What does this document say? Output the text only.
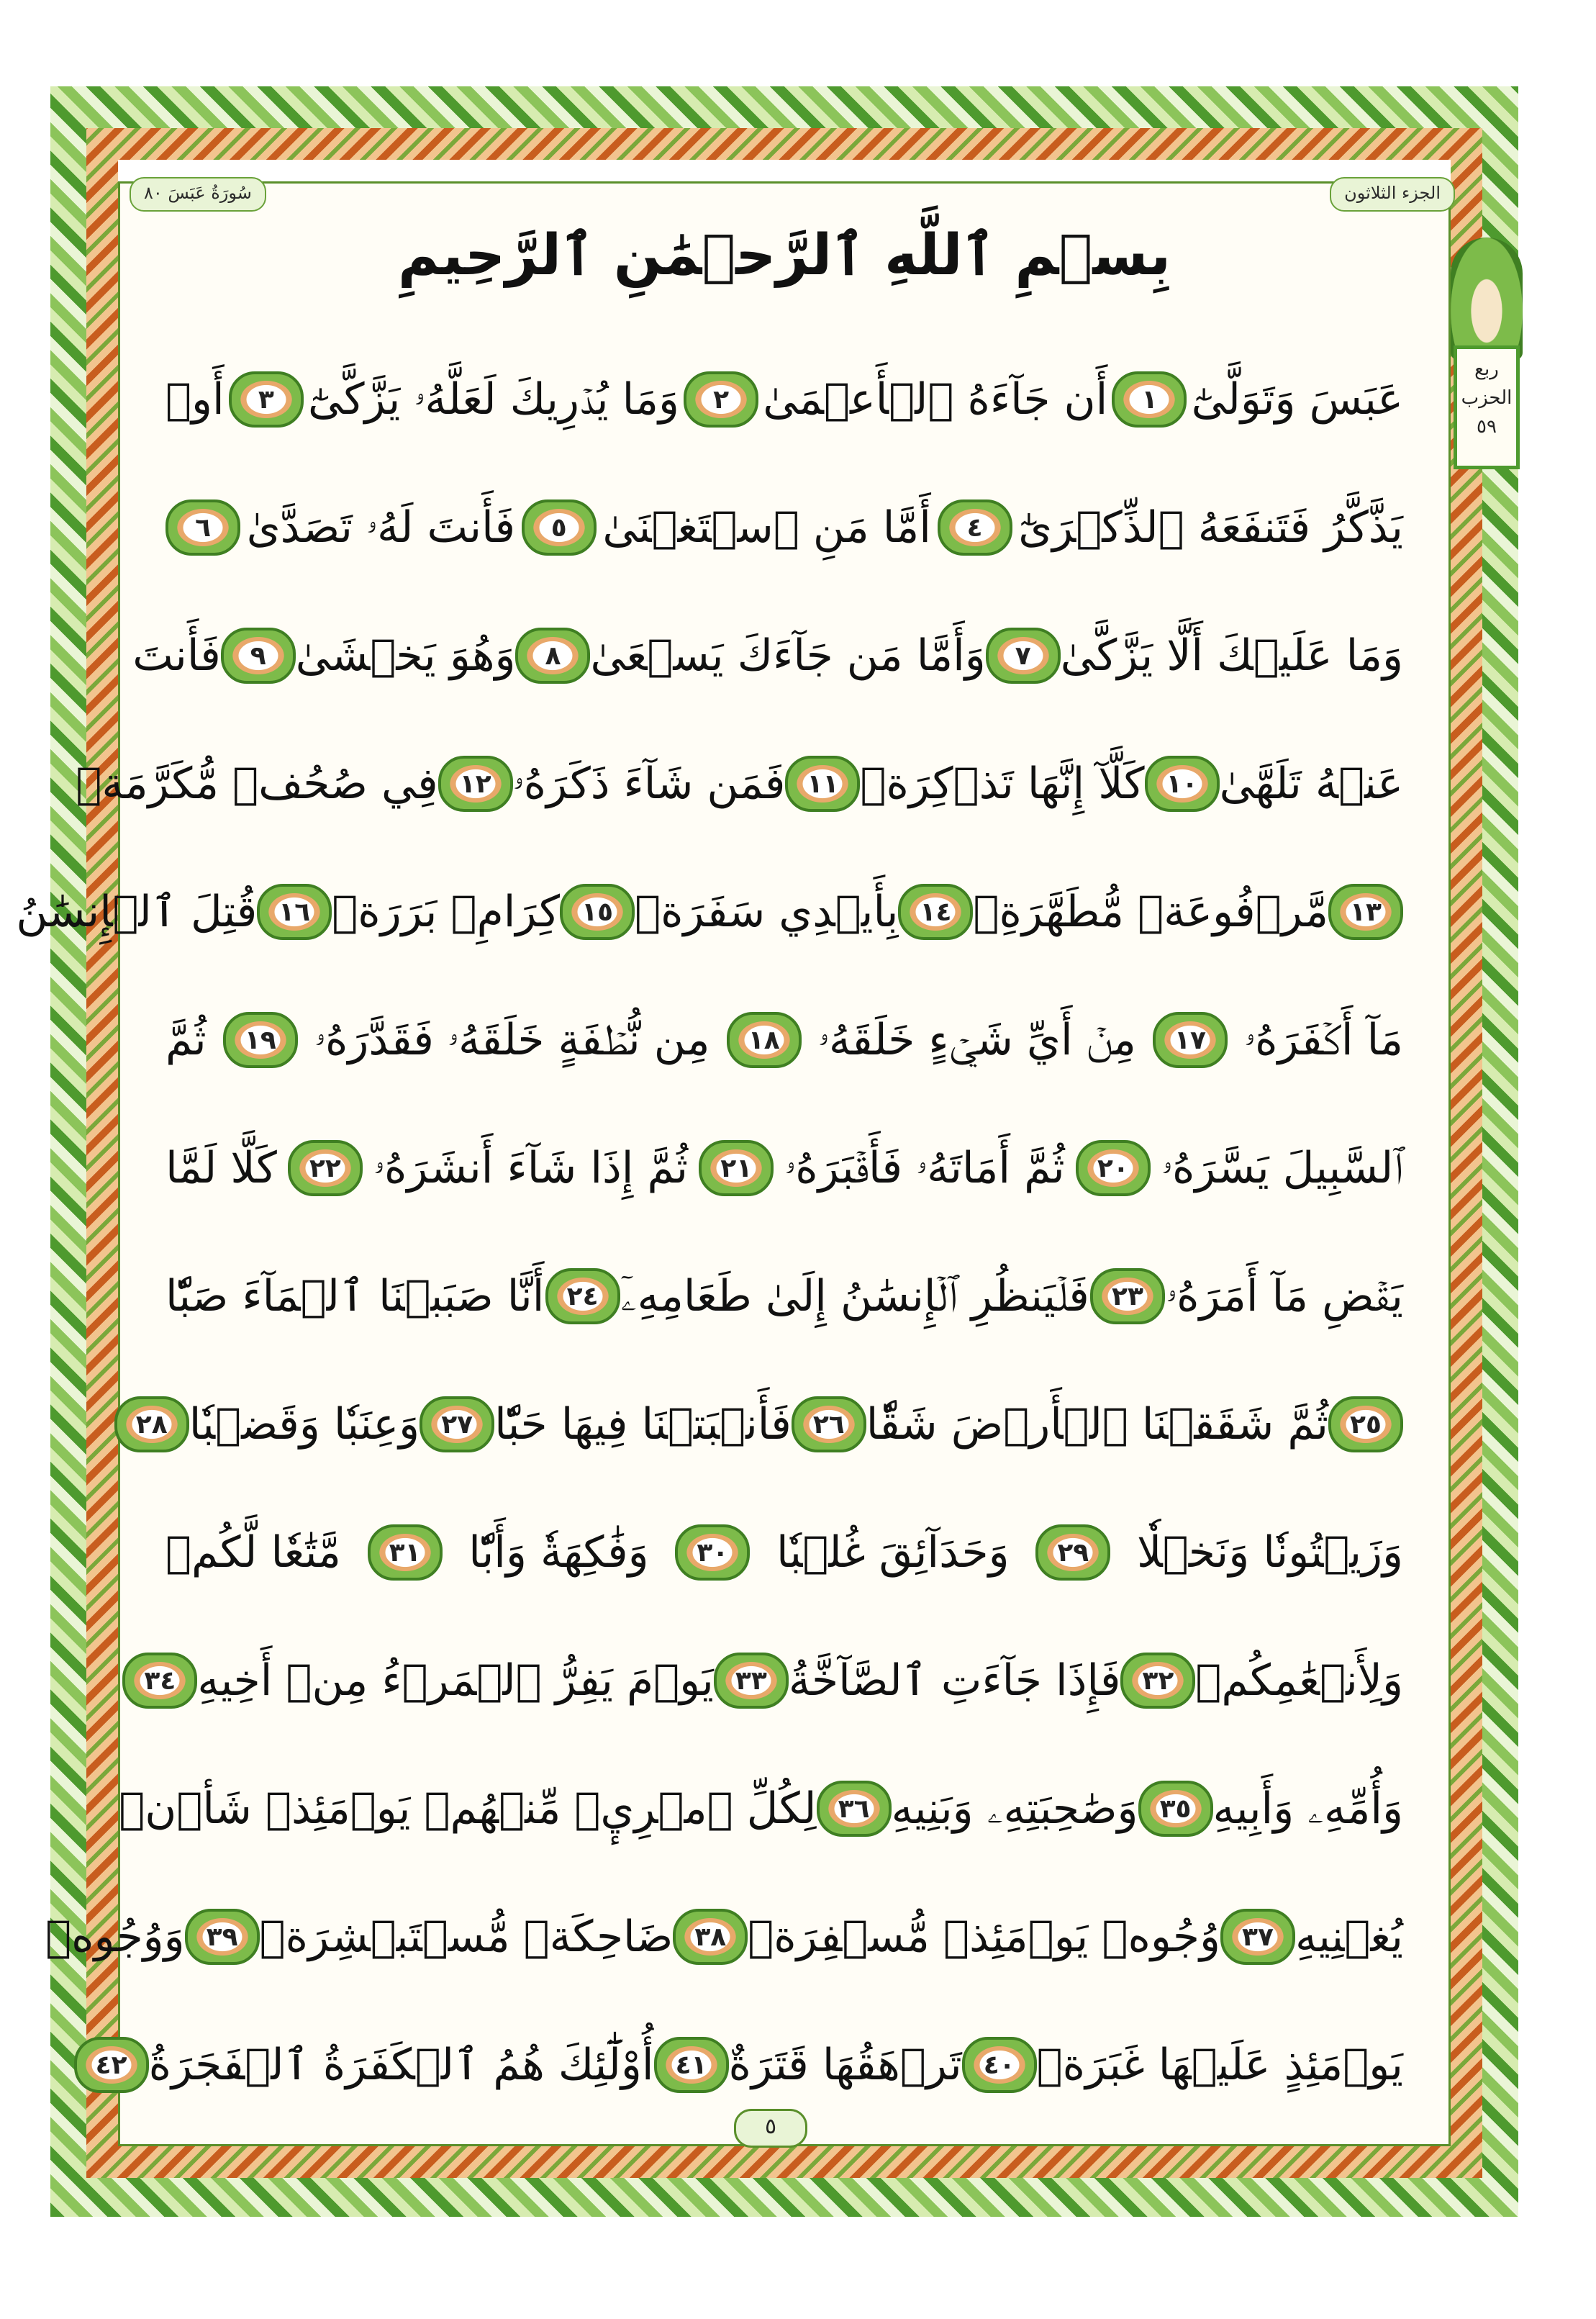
سُورَةُ عَبَسَ ٨٠	الجزء الثلاثون
ربع
الحزب
٥٩
بِسۡمِ ٱللَّهِ ٱلرَّحۡمَٰنِ ٱلرَّحِيمِ
عَبَسَ وَتَوَلَّىٰٓ
١
أَن جَآءَهُ ٱلۡأَعۡمَىٰ
٢
وَمَا يُدۡرِيكَ لَعَلَّهُۥ يَزَّكَّىٰٓ
٣
أَوۡ
يَذَّكَّرُ فَتَنفَعَهُ ٱلذِّكۡرَىٰٓ
٤
أَمَّا مَنِ ٱسۡتَغۡنَىٰ
٥
فَأَنتَ لَهُۥ تَصَدَّىٰ
٦
وَمَا عَلَيۡكَ أَلَّا يَزَّكَّىٰ
٧
وَأَمَّا مَن جَآءَكَ يَسۡعَىٰ
٨
وَهُوَ يَخۡشَىٰ
٩
فَأَنتَ
عَنۡهُ تَلَهَّىٰ
١٠
كَلَّآ إِنَّهَا تَذۡكِرَةٞ
١١
فَمَن شَآءَ ذَكَرَهُۥ
١٢
فِي صُحُفٖ مُّكَرَّمَةٖ
١٣
مَّرۡفُوعَةٖ مُّطَهَّرَةِۭ
١٤
بِأَيۡدِي سَفَرَةٖ
١٥
كِرَامِۭ بَرَرَةٖ
١٦
قُتِلَ ٱلۡإِنسَٰنُ
مَآ أَكۡفَرَهُۥ
١٧
مِنۡ أَيِّ شَيۡءٍ خَلَقَهُۥ
١٨
مِن نُّطۡفَةٍ خَلَقَهُۥ فَقَدَّرَهُۥ
١٩
ثُمَّ
ٱلسَّبِيلَ يَسَّرَهُۥ
٢٠
ثُمَّ أَمَاتَهُۥ فَأَقۡبَرَهُۥ
٢١
ثُمَّ إِذَا شَآءَ أَنشَرَهُۥ
٢٢
كَلَّا لَمَّا
يَقۡضِ مَآ أَمَرَهُۥ
٢٣
فَلۡيَنظُرِ ٱلۡإِنسَٰنُ إِلَىٰ طَعَامِهِۦٓ
٢٤
أَنَّا صَبَبۡنَا ٱلۡمَآءَ صَبّٗا
٢٥
ثُمَّ شَقَقۡنَا ٱلۡأَرۡضَ شَقّٗا
٢٦
فَأَنۢبَتۡنَا فِيهَا حَبّٗا
٢٧
وَعِنَبٗا وَقَضۡبٗا
٢٨
وَزَيۡتُونٗا وَنَخۡلٗا
٢٩
وَحَدَآئِقَ غُلۡبٗا
٣٠
وَفَٰكِهَةٗ وَأَبّٗا
٣١
مَّتَٰعٗا لَّكُمۡ
وَلِأَنۡعَٰمِكُمۡ
٣٢
فَإِذَا جَآءَتِ ٱلصَّآخَّةُ
٣٣
يَوۡمَ يَفِرُّ ٱلۡمَرۡءُ مِنۡ أَخِيهِ
٣٤
وَأُمِّهِۦ وَأَبِيهِ
٣٥
وَصَٰحِبَتِهِۦ وَبَنِيهِ
٣٦
لِكُلِّ ٱمۡرِيٕٖ مِّنۡهُمۡ يَوۡمَئِذٖ شَأۡنٞ
يُغۡنِيهِ
٣٧
وُجُوهٞ يَوۡمَئِذٖ مُّسۡفِرَةٞ
٣٨
ضَاحِكَةٞ مُّسۡتَبۡشِرَةٞ
٣٩
وَوُجُوهٞ
يَوۡمَئِذٍ عَلَيۡهَا غَبَرَةٞ
٤٠
تَرۡهَقُهَا قَتَرَةٌ
٤١
أُوْلَٰٓئِكَ هُمُ ٱلۡكَفَرَةُ ٱلۡفَجَرَةُ
٤٢
٥
